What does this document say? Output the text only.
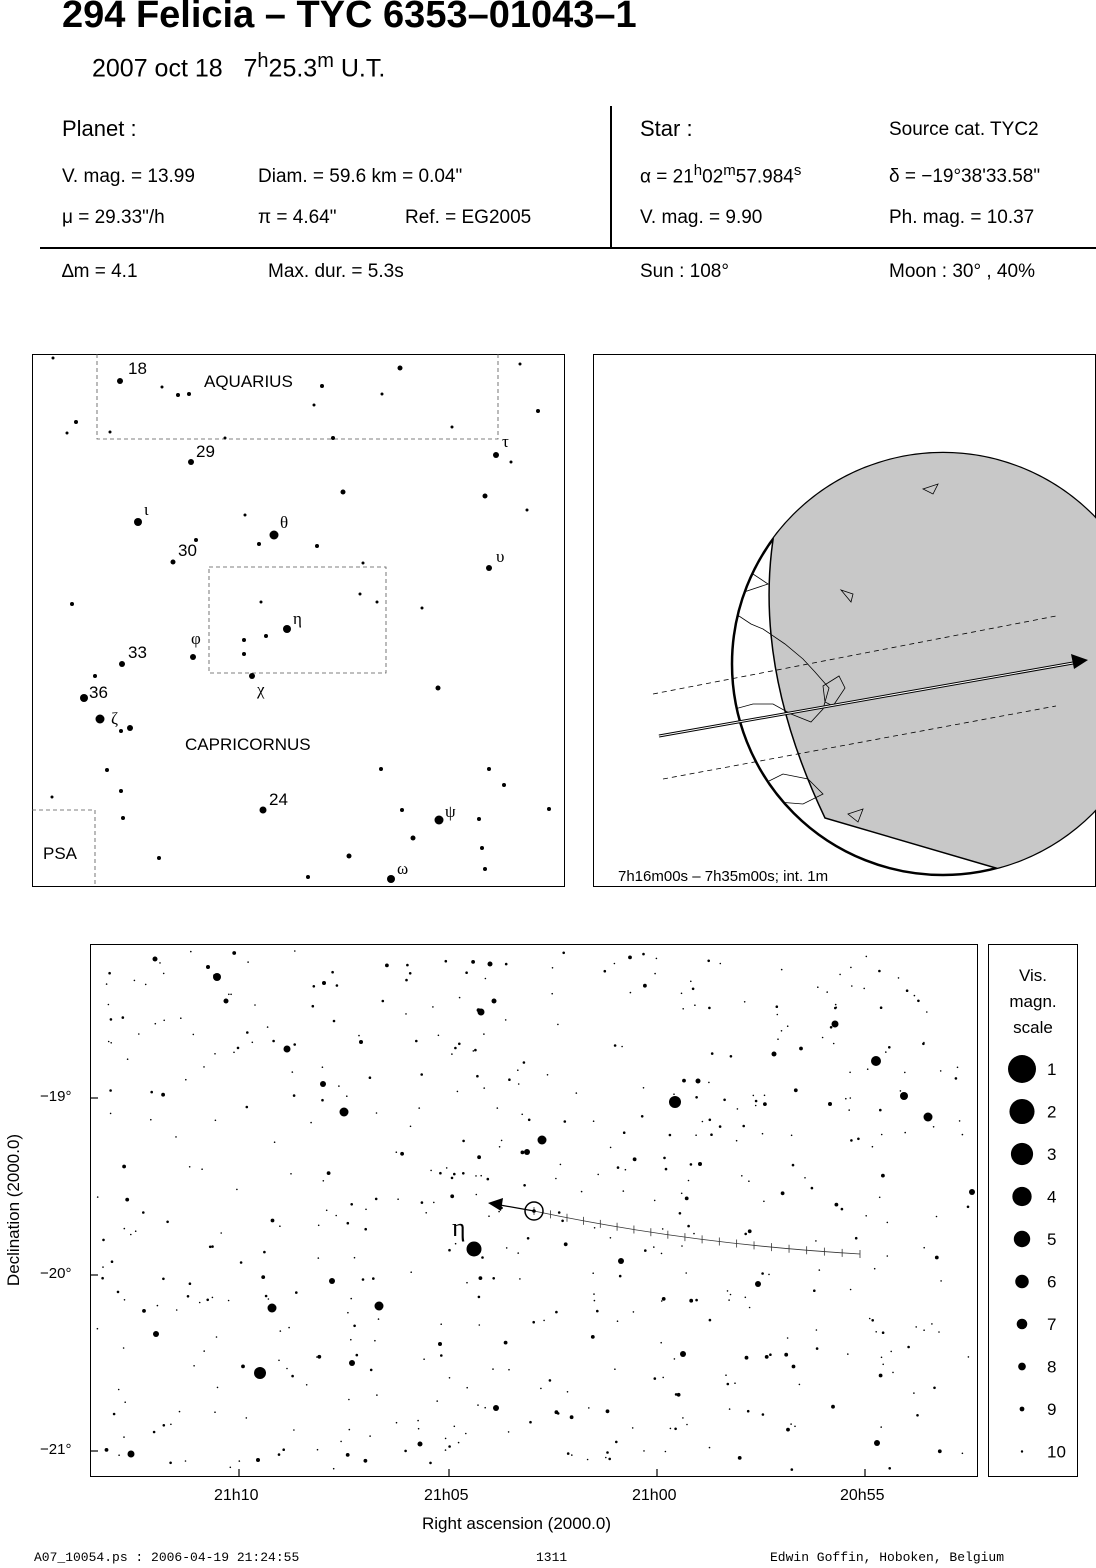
294 Felicia – TYC 6353–01043–1
2007 oct 18 7$^h$25.3$^m$ U.T.
Planet :
V. mag. = 13.99	Diam. = 59.6 km = 0.04"
μ = 29.33"/h	π = 4.64"	Ref. = EG2005
Star :	Source cat. TYC2
$\alpha = 21^h02^m57.984^s$	δ = −19°38'33.58"
V. mag. = 9.90	Ph. mag. = 10.37
∆m = 4.1	Max. dur. = 5.3s	Sun : 108°	Moon : 30° , 40%
18
AQUARIUS
29
τ
ι
θ
30	υ
η
φ
33
χ
36
ζ
CAPRICORNUS
24
ψ
PSA
ω	7h16m00s – 7h35m00s; int. 1m
η
−19°
−20°
−21°
21h10	21h05	21h00	20h55
Right ascension (2000.0)
Declination (2000.0)
Vis.
magn.
scale
1
2
3
4
5
6
7
8
9
10
A07_10054.ps : 2006-04-19 21:24:55	1311	Edwin Goffin, Hoboken, Belgium
